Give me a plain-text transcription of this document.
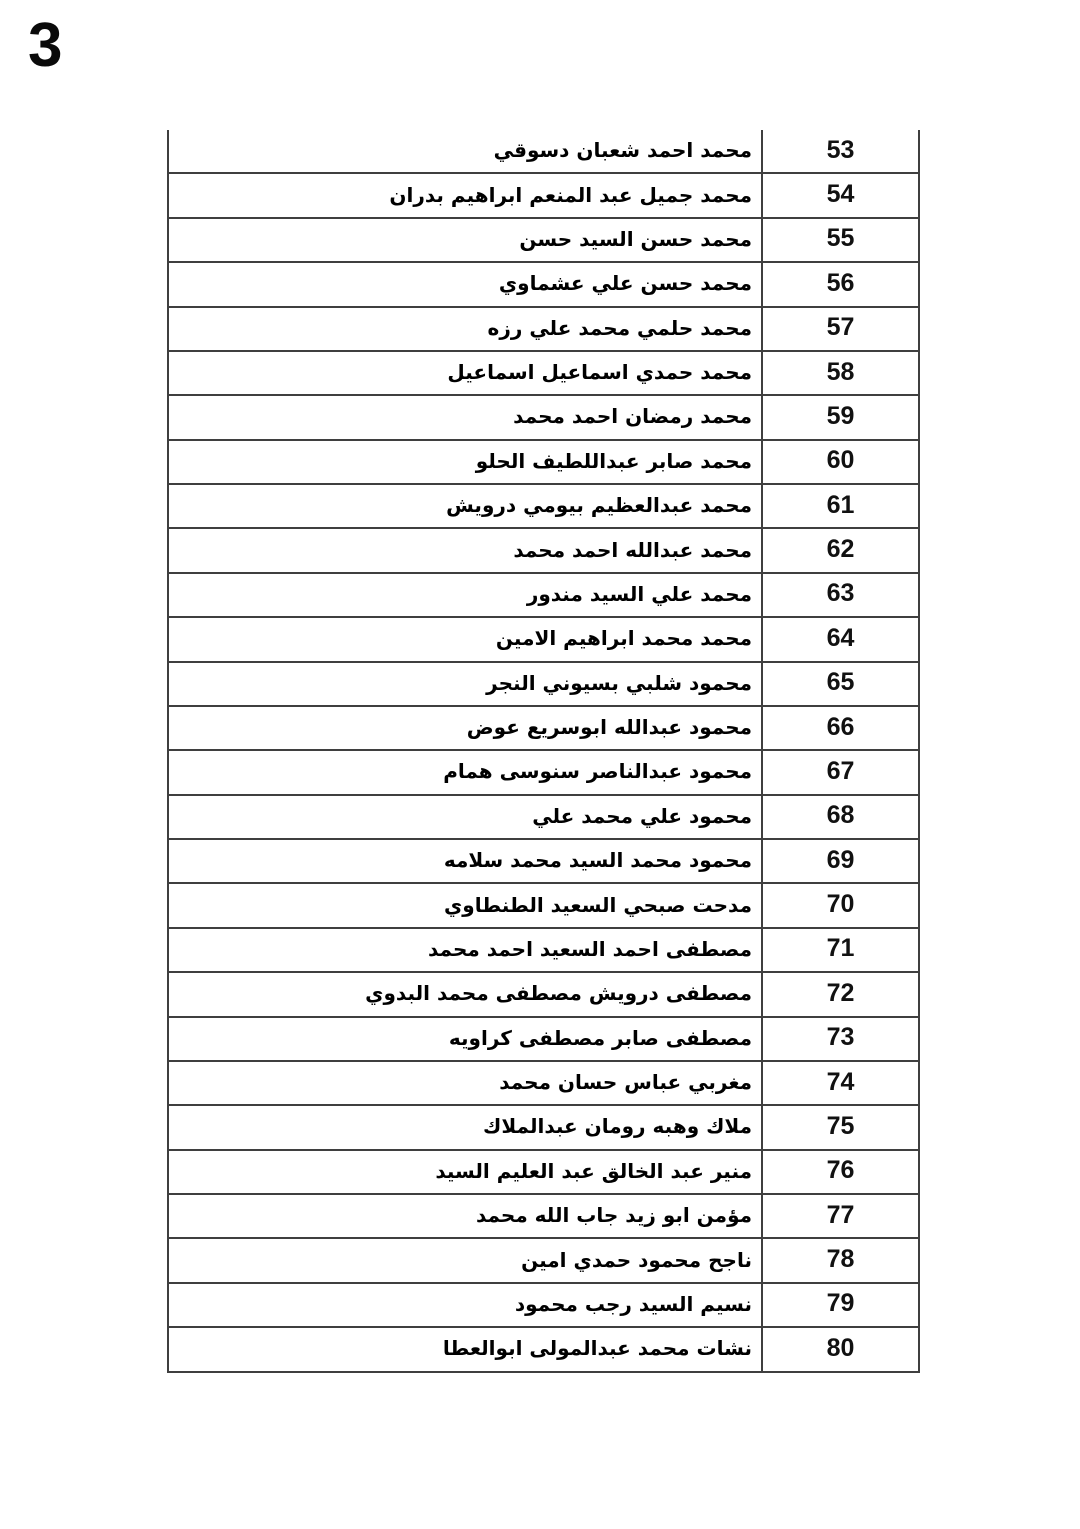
3
محمد احمد شعبان دسوقي	53
محمد جميل عبد المنعم ابراهيم بدران	54
محمد حسن السيد حسن	55
محمد حسن علي عشماوي	56
محمد حلمي محمد علي رزه	57
محمد حمدي اسماعيل اسماعيل	58
محمد رمضان احمد محمد	59
محمد صابر عبداللطيف الحلو	60
محمد عبدالعظيم بيومي درويش	61
محمد عبدالله احمد محمد	62
محمد علي السيد مندور	63
محمد محمد ابراهيم الامين	64
محمود شلبي بسيوني النجر	65
محمود عبدالله ابوسريع عوض	66
محمود عبدالناصر سنوسى همام	67
محمود علي محمد علي	68
محمود محمد السيد محمد سلامه	69
مدحت صبحي السعيد الطنطاوي	70
مصطفى احمد السعيد احمد محمد	71
مصطفى درويش مصطفى محمد البدوي	72
مصطفى صابر مصطفى كراويه	73
مغربي عباس حسان محمد	74
ملاك وهبه رومان عبدالملاك	75
منير عبد الخالق عبد العليم السيد	76
مؤمن ابو زيد جاب الله محمد	77
ناجح محمود حمدي امين	78
نسيم السيد رجب محمود	79
نشات محمد عبدالمولى ابوالعطا	80
